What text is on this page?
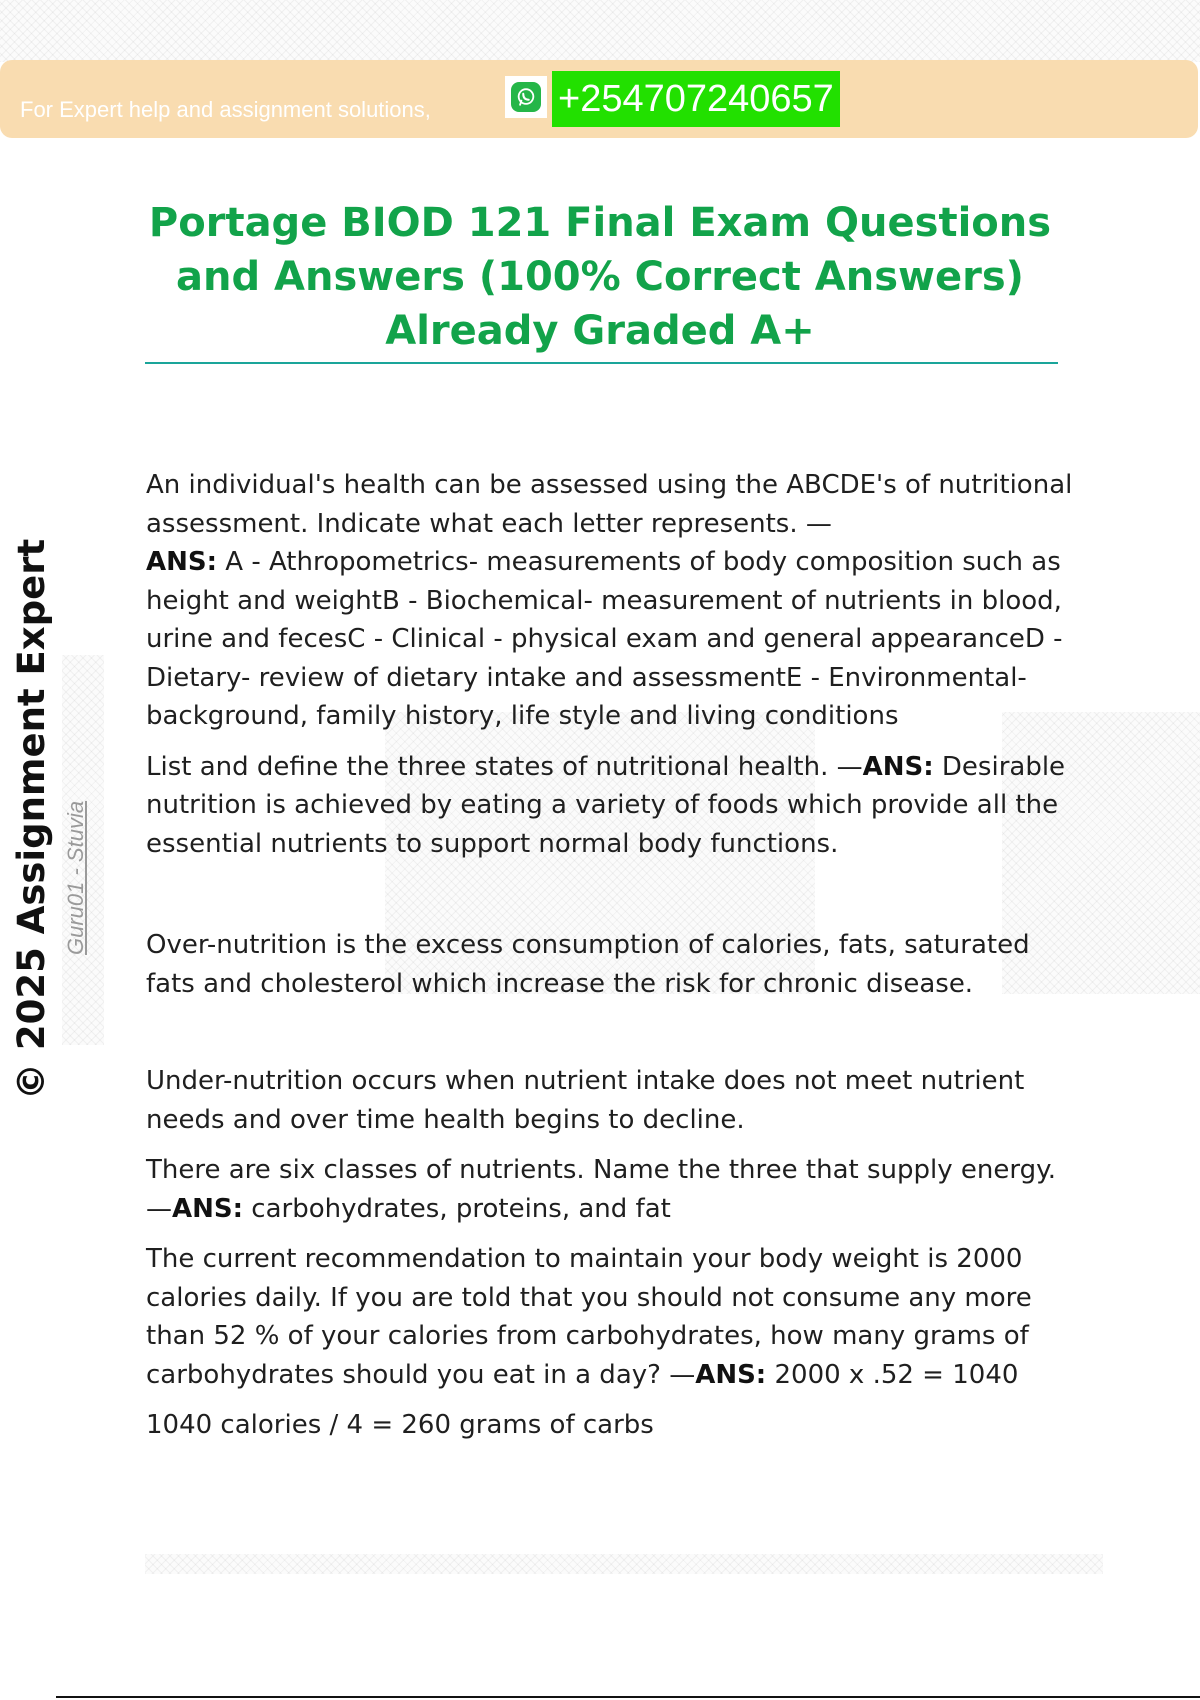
For Expert help and assignment solutions,	+254707240657
Portage BIOD 121 Final Exam Questions
and Answers (100% Correct Answers)
Already Graded A+
© 2025 Assignment Expert Guru01 - Stuvia

An individual's health can be assessed using the ABCDE's of nutritional assessment. Indicate what each letter represents. —
ANS: A - Athropometrics- measurements of body composition such as height and weightB - Biochemical- measurement of nutrients in blood, urine and fecesC - Clinical - physical exam and general appearanceD - Dietary- review of dietary intake and assessmentE - Environmental- background, family history, life style and living conditions

List and define the three states of nutritional health. —ANS: Desirable nutrition is achieved by eating a variety of foods which provide all the essential nutrients to support normal body functions.

Over-nutrition is the excess consumption of calories, fats, saturated fats and cholesterol which increase the risk for chronic disease.

Under-nutrition occurs when nutrient intake does not meet nutrient needs and over time health begins to decline.

There are six classes of nutrients. Name the three that supply energy. —ANS: carbohydrates, proteins, and fat

The current recommendation to maintain your body weight is 2000 calories daily. If you are told that you should not consume any more than 52 % of your calories from carbohydrates, how many grams of carbohydrates should you eat in a day? —ANS: 2000 x .52 = 1040

1040 calories / 4 = 260 grams of carbs
